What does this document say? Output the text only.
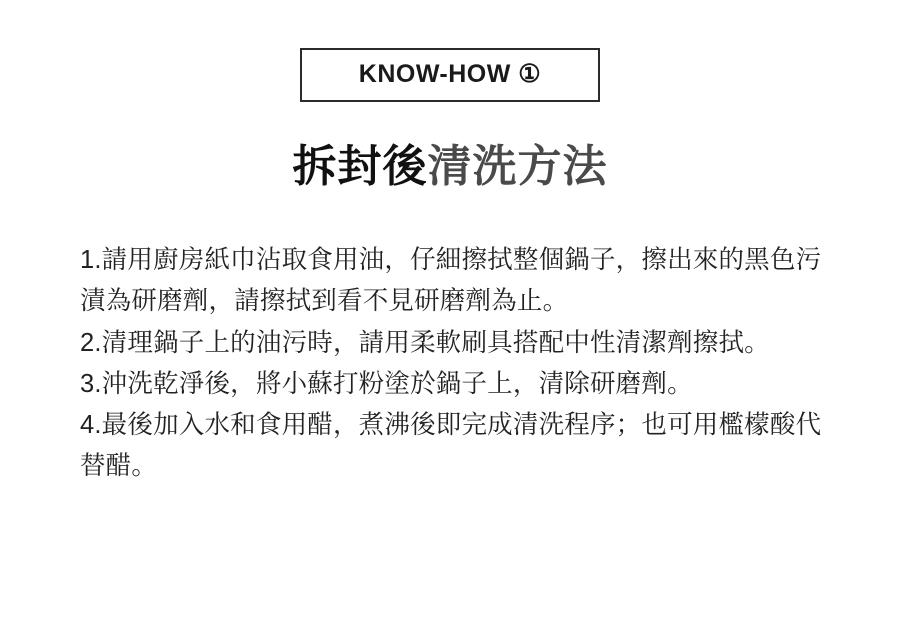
KNOW-HOW ①
拆封後清洗方法
1.請用廚房紙巾沾取食用油，仔細擦拭整個鍋子，擦出來的黑色污漬為研磨劑，請擦拭到看不見研磨劑為止。
2.清理鍋子上的油污時，請用柔軟刷具搭配中性清潔劑擦拭。
3.沖洗乾淨後，將小蘇打粉塗於鍋子上，清除研磨劑。
4.最後加入水和食用醋，煮沸後即完成清洗程序；也可用檻檬酸代替醋。
